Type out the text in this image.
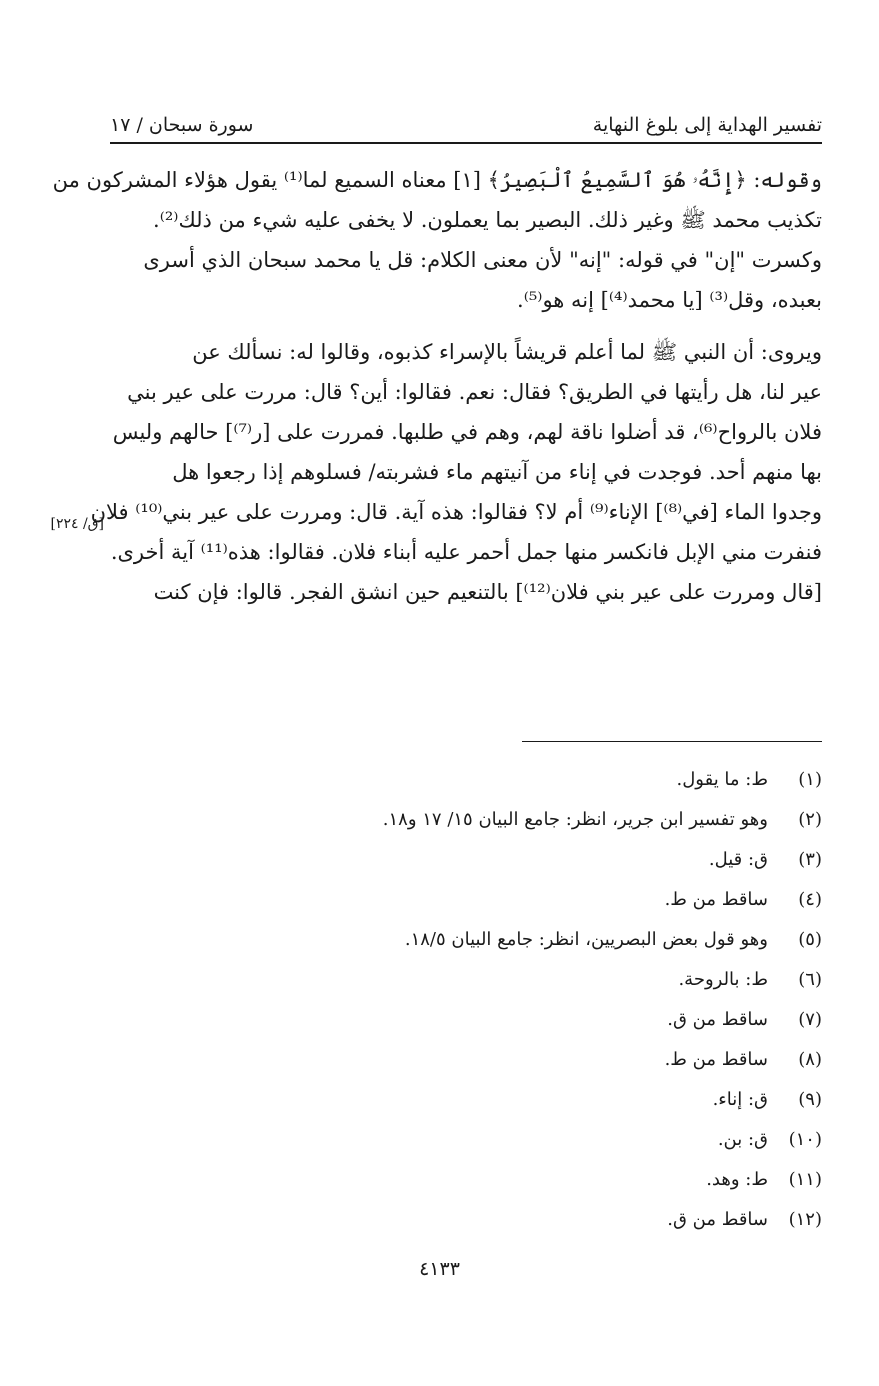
تفسير الهداية إلى بلوغ النهاية
سورة سبحان / ١٧
وقوله: ﴿إِنَّهُۥ هُوَ ٱلسَّمِيعُ ٱلْبَصِيرُ﴾ [١] معناه السميع لما⁽¹⁾ يقول هؤلاء المشركون من
تكذيب محمد ﷺ وغير ذلك. البصير بما يعملون. لا يخفى عليه شيء من ذلك⁽²⁾.
وكسرت "إن" في قوله: "إنه" لأن معنى الكلام: قل يا محمد سبحان الذي أسرى
بعبده، وقل⁽³⁾ [يا محمد⁽⁴⁾] إنه هو⁽⁵⁾.
ويروى: أن النبي ﷺ لما أعلم قريشاً بالإسراء كذبوه، وقالوا له: نسألك عن
عير لنا، هل رأيتها في الطريق؟ فقال: نعم. فقالوا: أين؟ قال: مررت على عير بني
فلان بالرواح⁽⁶⁾، قد أضلوا ناقة لهم، وهم في طلبها. فمررت على [ر⁽⁷⁾] حالهم وليس
بها منهم أحد. فوجدت في إناء من آنيتهم ماء فشربته/ فسلوهم إذا رجعوا هل
وجدوا الماء [في⁽⁸⁾] الإناء⁽⁹⁾ أم لا؟ فقالوا: هذه آية. قال: ومررت على عير بني⁽¹⁰⁾ فلان
فنفرت مني الإبل فانكسر منها جمل أحمر عليه أبناء فلان. فقالوا: هذه⁽¹¹⁾ آية أخرى.
[قال ومررت على عير بني فلان⁽¹²⁾] بالتنعيم حين انشق الفجر. قالوا: فإن كنت
[ق/ ٢٢٤]
(١)ط: ما يقول.
(٢)وهو تفسير ابن جرير، انظر: جامع البيان ١٥/ ١٧ و١٨.
(٣)ق: قيل.
(٤)ساقط من ط.
(٥)وهو قول بعض البصريين، انظر: جامع البيان ١٨/٥.
(٦)ط: بالروحة.
(٧)ساقط من ق.
(٨)ساقط من ط.
(٩)ق: إناء.
(١٠)ق: بن.
(١١)ط: وهد.
(١٢)ساقط من ق.
٤١٣٣
